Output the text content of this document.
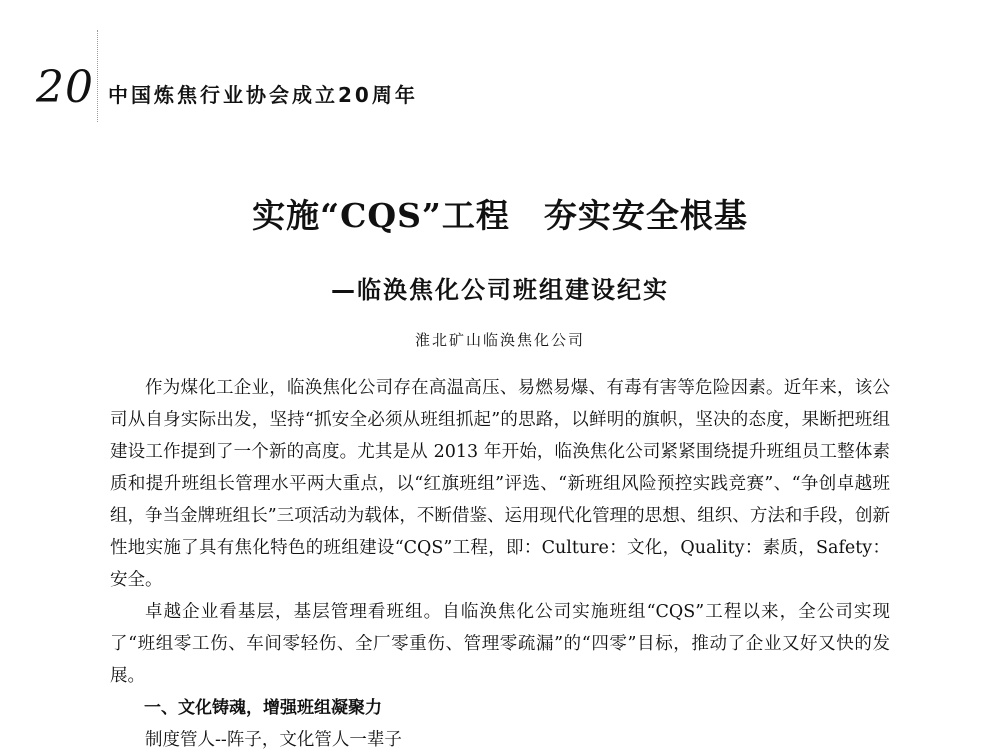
20 中国炼焦行业协会成立20周年
实施“CQS”工程　夯实安全根基
—临涣焦化公司班组建设纪实
淮北矿山临涣焦化公司

作为煤化工企业，临涣焦化公司存在高温高压、易燃易爆、有毒有害等危险因素。近年来，该公司从自身实际出发，坚持“抓安全必须从班组抓起”的思路，以鲜明的旗帜，坚决的态度，果断把班组建设工作提到了一个新的高度。尤其是从 2013 年开始，临涣焦化公司紧紧围绕提升班组员工整体素质和提升班组长管理水平两大重点，以“红旗班组”评选、“新班组风险预控实践竞赛”、“争创卓越班组，争当金牌班组长”三项活动为载体，不断借鉴、运用现代化管理的思想、组织、方法和手段，创新性地实施了具有焦化特色的班组建设“CQS”工程，即：Culture：文化，Quality：素质，Safety：安全。

卓越企业看基层，基层管理看班组。自临涣焦化公司实施班组“CQS”工程以来，全公司实现了“班组零工伤、车间零轻伤、全厂零重伤、管理零疏漏”的“四零”目标，推动了企业又好又快的发展。

一、文化铸魂，增强班组凝聚力

制度管人--阵子，文化管人一辈子
